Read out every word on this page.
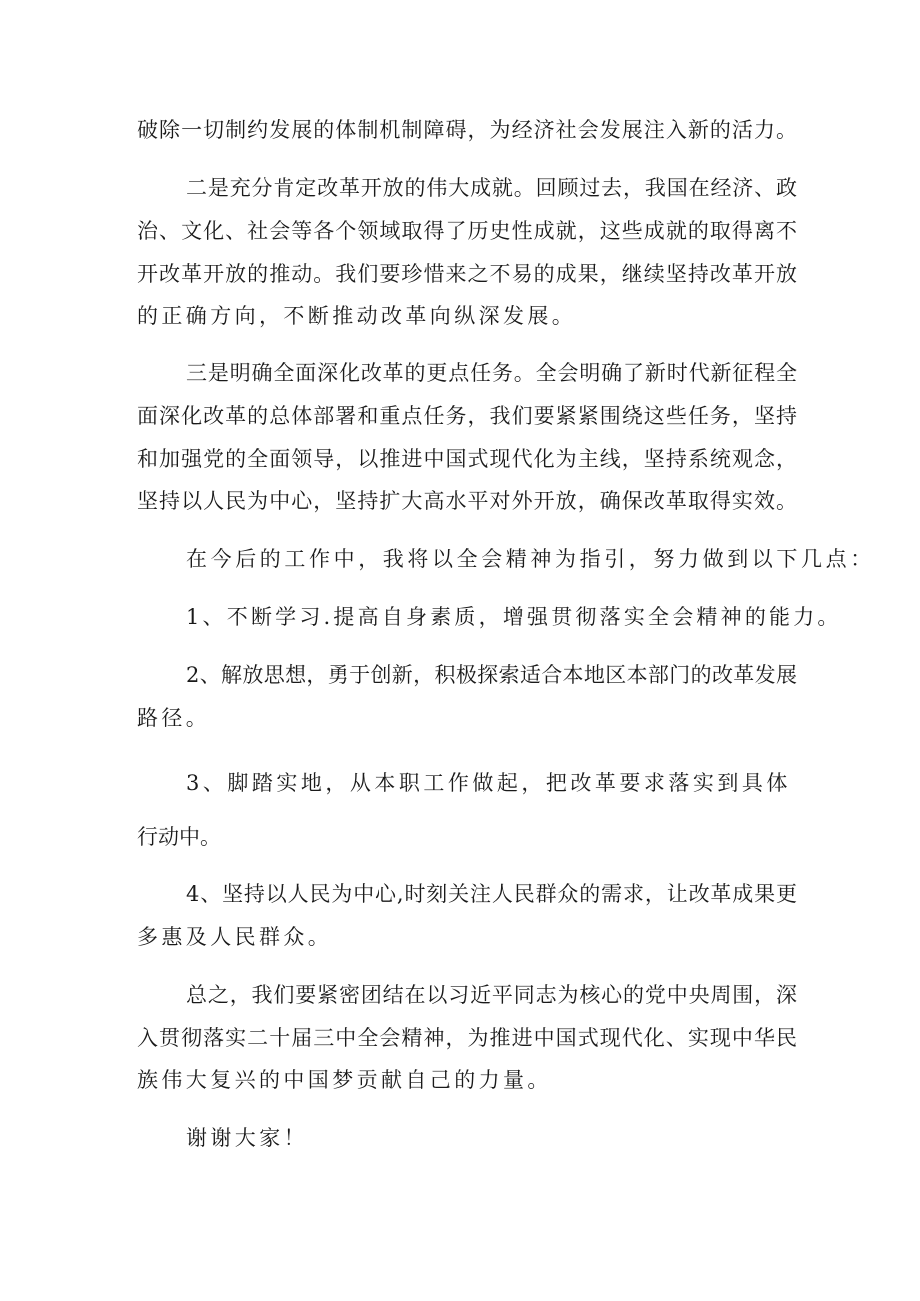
破除一切制约发展的体制机制障碍，为经济社会发展注入新的活力。
二是充分肯定改革开放的伟大成就。回顾过去，我国在经济、政
治、文化、社会等各个领域取得了历史性成就，这些成就的取得离不
开改革开放的推动。我们要珍惜来之不易的成果，继续坚持改革开放
的正确方向，不断推动改革向纵深发展。
三是明确全面深化改革的更点任务。全会明确了新时代新征程全
面深化改革的总体部署和重点任务，我们要紧紧围绕这些任务，坚持
和加强党的全面领导，以推进中国式现代化为主线，坚持系统观念，
坚持以人民为中心，坚持扩大高水平对外开放，确保改革取得实效。
在今后的工作中，我将以全会精神为指引，努力做到以下几点：
1、不断学习.提高自身素质，增强贯彻落实全会精神的能力。
2、解放思想，勇于创新，积极探索适合本地区本部门的改革发展
路径。
3、脚踏实地，从本职工作做起，把改革要求落实到具体
行动中。
4、坚持以人民为中心,时刻关注人民群众的需求，让改革成果更
多惠及人民群众。
总之，我们要紧密团结在以习近平同志为核心的党中央周围，深
入贯彻落实二十届三中全会精神，为推进中国式现代化、实现中华民
族伟大复兴的中国梦贡献自己的力量。
谢谢大家！
